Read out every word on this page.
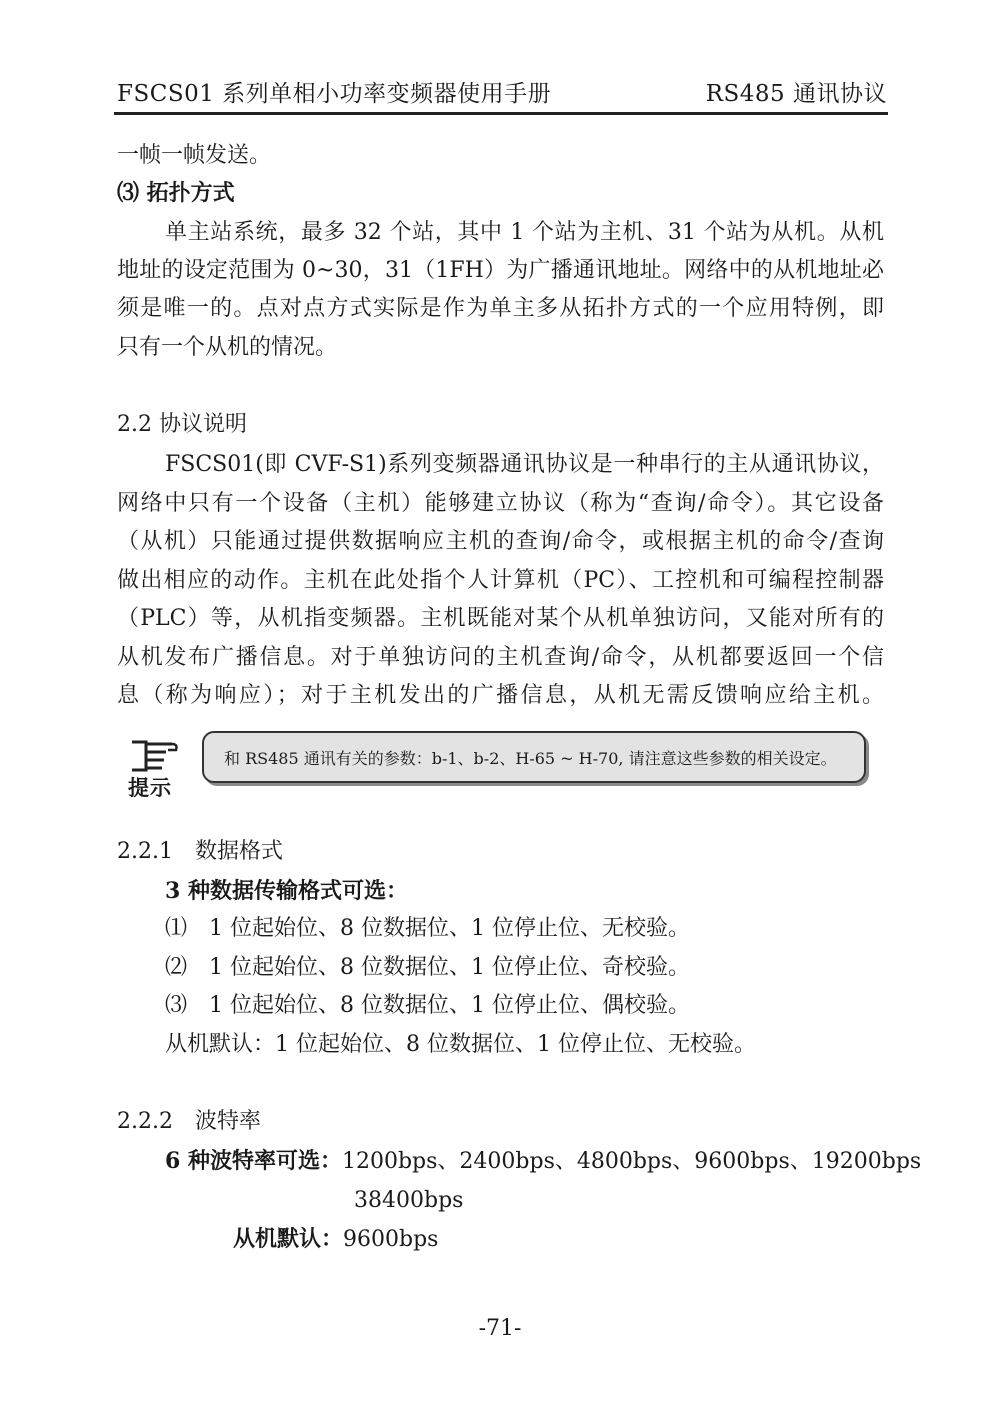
FSCS01 系列单相小功率变频器使用手册	RS485 通讯协议
一帧一帧发送。
⑶ 拓扑方式
单主站系统，最多 32 个站，其中 1 个站为主机、31 个站为从机。从机
地址的设定范围为 0~30，31（1FH）为广播通讯地址。网络中的从机地址必
须是唯一的。点对点方式实际是作为单主多从拓扑方式的一个应用特例，即
只有一个从机的情况。
2.2 协议说明
FSCS01(即 CVF-S1)系列变频器通讯协议是一种串行的主从通讯协议，
网络中只有一个设备（主机）能够建立协议（称为“查询/命令）。其它设备
（从机）只能通过提供数据响应主机的查询/命令，或根据主机的命令/查询
做出相应的动作。主机在此处指个人计算机（PC）、工控机和可编程控制器
（PLC）等，从机指变频器。主机既能对某个从机单独访问，又能对所有的
从机发布广播信息。对于单独访问的主机查询/命令，从机都要返回一个信
息（称为响应）；对于主机发出的广播信息，从机无需反馈响应给主机。
提示
和 RS485 通讯有关的参数：b-1、b-2、H-65 ~ H-70, 请注意这些参数的相关设定。
2.2.1　数据格式
3 种数据传输格式可选：
⑴　1 位起始位、8 位数据位、1 位停止位、无校验。
⑵　1 位起始位、8 位数据位、1 位停止位、奇校验。
⑶　1 位起始位、8 位数据位、1 位停止位、偶校验。
从机默认：1 位起始位、8 位数据位、1 位停止位、无校验。
2.2.2　波特率
6 种波特率可选：1200bps、2400bps、4800bps、9600bps、19200bps
38400bps
从机默认：9600bps
-71-
